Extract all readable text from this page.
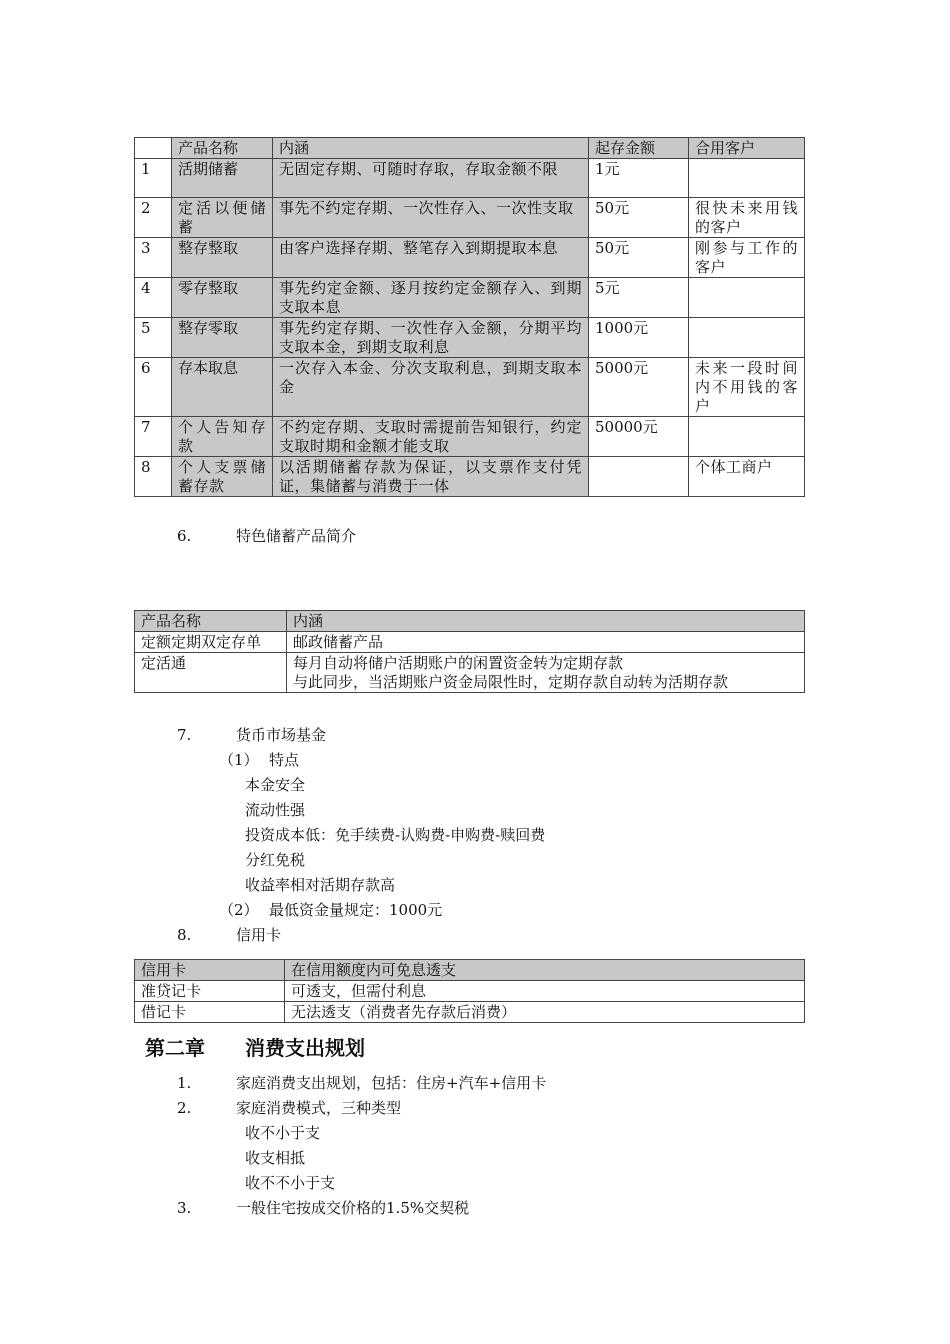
	产品名称	内涵	起存金额	合用客户
1	活期储蓄	无固定存期、可随时存取，存取金额不限	1元	
2	定活以便储蓄	事先不约定存期、一次性存入、一次性支取	50元	很快未来用钱的客户
3	整存整取	由客户选择存期、整笔存入到期提取本息	50元	刚参与工作的客户
4	零存整取	事先约定金额、逐月按约定金额存入、到期支取本息	5元	
5	整存零取	事先约定存期、一次性存入金额，分期平均支取本金，到期支取利息	1000元	
6	存本取息	一次存入本金、分次支取利息，到期支取本金	5000元	未来一段时间内不用钱的客户
7	个人告知存款	不约定存期、支取时需提前告知银行，约定支取时期和金额才能支取	50000元	
8	个人支票储蓄存款	以活期储蓄存款为保证，以支票作支付凭证，集储蓄与消费于一体		个体工商户
6.	特色储蓄产品简介
产品名称	内涵
定额定期双定存单	邮政储蓄产品

定活通	每月自动将储户活期账户的闲置资金转为定期存款
与此同步，当活期账户资金局限性时，定期存款自动转为活期存款
7.	货币市场基金
（1） 特点
本金安全
流动性强
投资成本低：免手续费-认购费-申购费-赎回费
分红免税
收益率相对活期存款高
（2） 最低资金量规定：1000元
8.	信用卡
信用卡	在信用额度内可免息透支
准贷记卡	可透支，但需付利息
借记卡	无法透支（消费者先存款后消费）
第二章 消费支出规划
1.	家庭消费支出规划，包括：住房+汽车+信用卡
2.	家庭消费模式，三种类型
收不小于支
收支相抵
收不不小于支
3.	一般住宅按成交价格的1.5%交契税
